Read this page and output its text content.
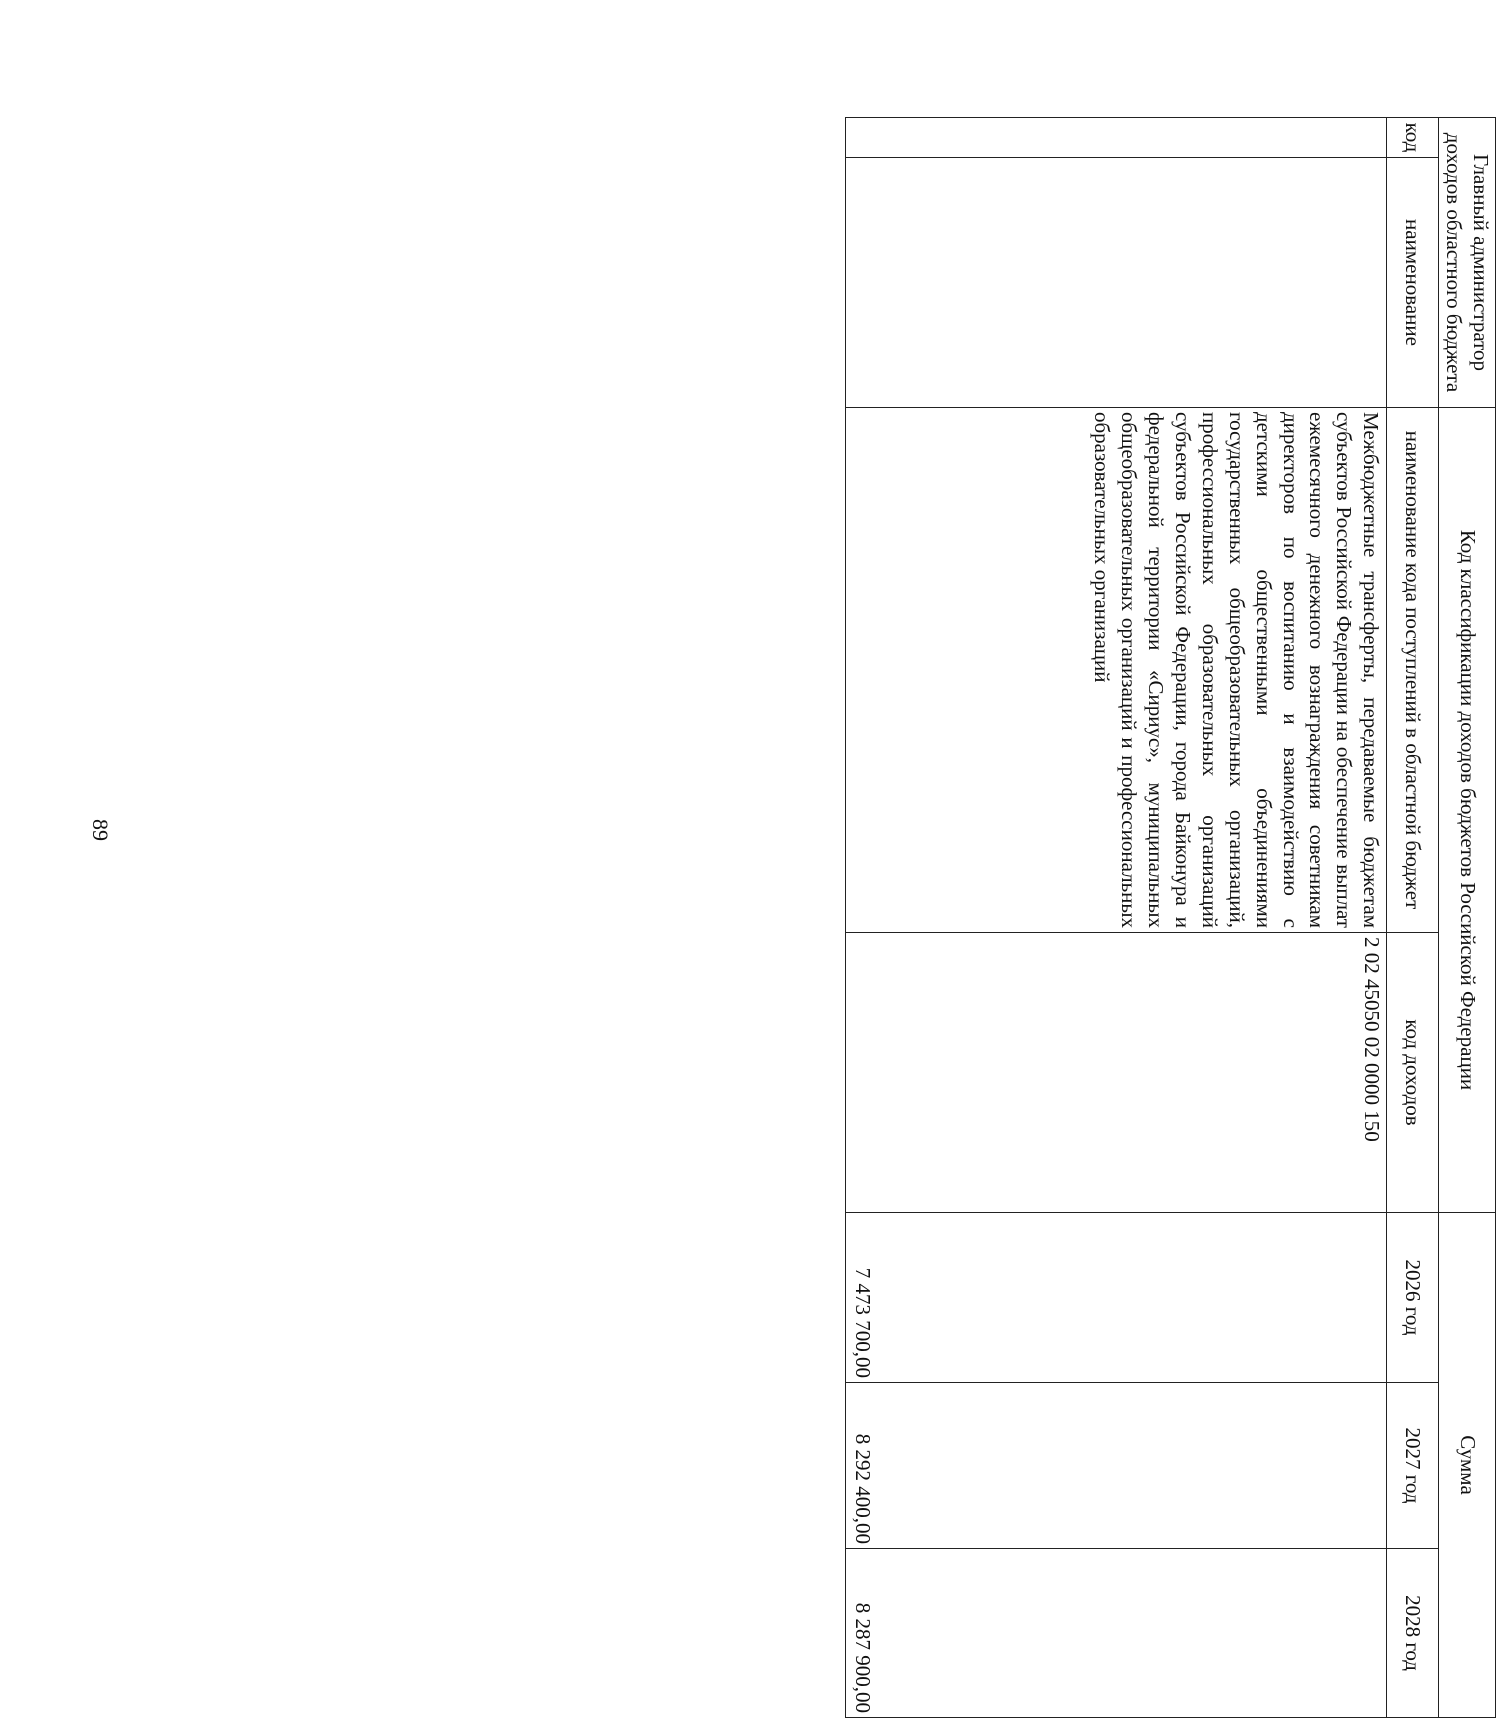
89
Главный администратор доходов областного бюджета		Код классификации доходов бюджетов Российской Федерации		Сумма		
код	наименование	наименование кода поступлений в областной бюджет	код доходов	2026 год	2027 год	2028 год
		Межбюджетные трансферты, передаваемые бюджетам субъектов Российской Федерации на обеспечение выплат ежемесячного денежного вознаграждения советникам директоров по воспитанию и взаимодействию с детскими общественными объединениями государственных общеобразовательных организаций, профессиональных образовательных организаций субъектов Российской Федерации, города Байконура и федеральной территории «Сириус», муниципальных общеобразовательных организаций и профессиональных образовательных организаций	2 02 45050 02 0000 150	7 473 700,00	8 292 400,00	8 287 900,00
